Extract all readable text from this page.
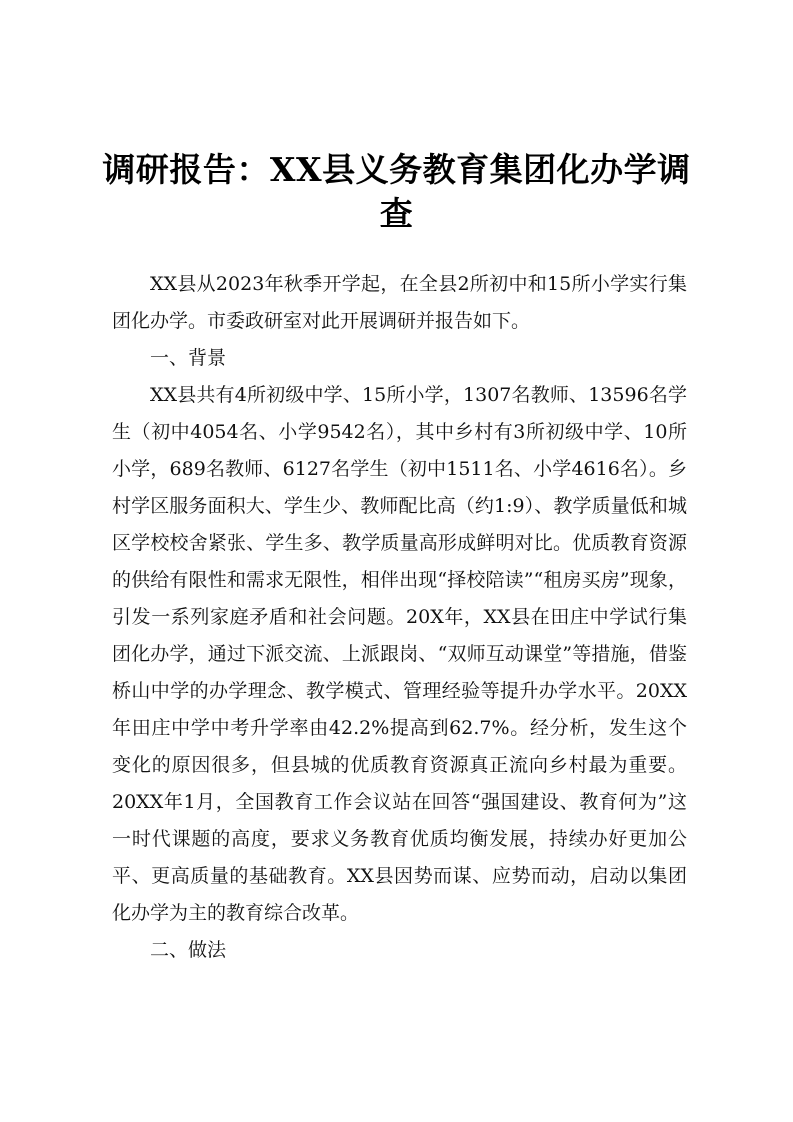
调研报告：XX县义务教育集团化办学调查

XX县从2023年秋季开学起，在全县2所初中和15所小学实行集团化办学。市委政研室对此开展调研并报告如下。

一、背景

XX县共有4所初级中学、15所小学，1307名教师、13596名学生（初中4054名、小学9542名），其中乡村有3所初级中学、10所小学，689名教师、6127名学生（初中1511名、小学4616名）。乡村学区服务面积大、学生少、教师配比高（约1:9）、教学质量低和城区学校校舍紧张、学生多、教学质量高形成鲜明对比。优质教育资源的供给有限性和需求无限性，相伴出现“择校陪读”“租房买房”现象，引发一系列家庭矛盾和社会问题。20X年，XX县在田庄中学试行集团化办学，通过下派交流、上派跟岗、“双师互动课堂”等措施，借鉴桥山中学的办学理念、教学模式、管理经验等提升办学水平。20XX年田庄中学中考升学率由42.2%提高到62.7%。经分析，发生这个变化的原因很多，但县城的优质教育资源真正流向乡村最为重要。20XX年1月，全国教育工作会议站在回答“强国建设、教育何为”这一时代课题的高度，要求义务教育优质均衡发展，持续办好更加公平、更高质量的基础教育。XX县因势而谋、应势而动，启动以集团化办学为主的教育综合改革。

二、做法
